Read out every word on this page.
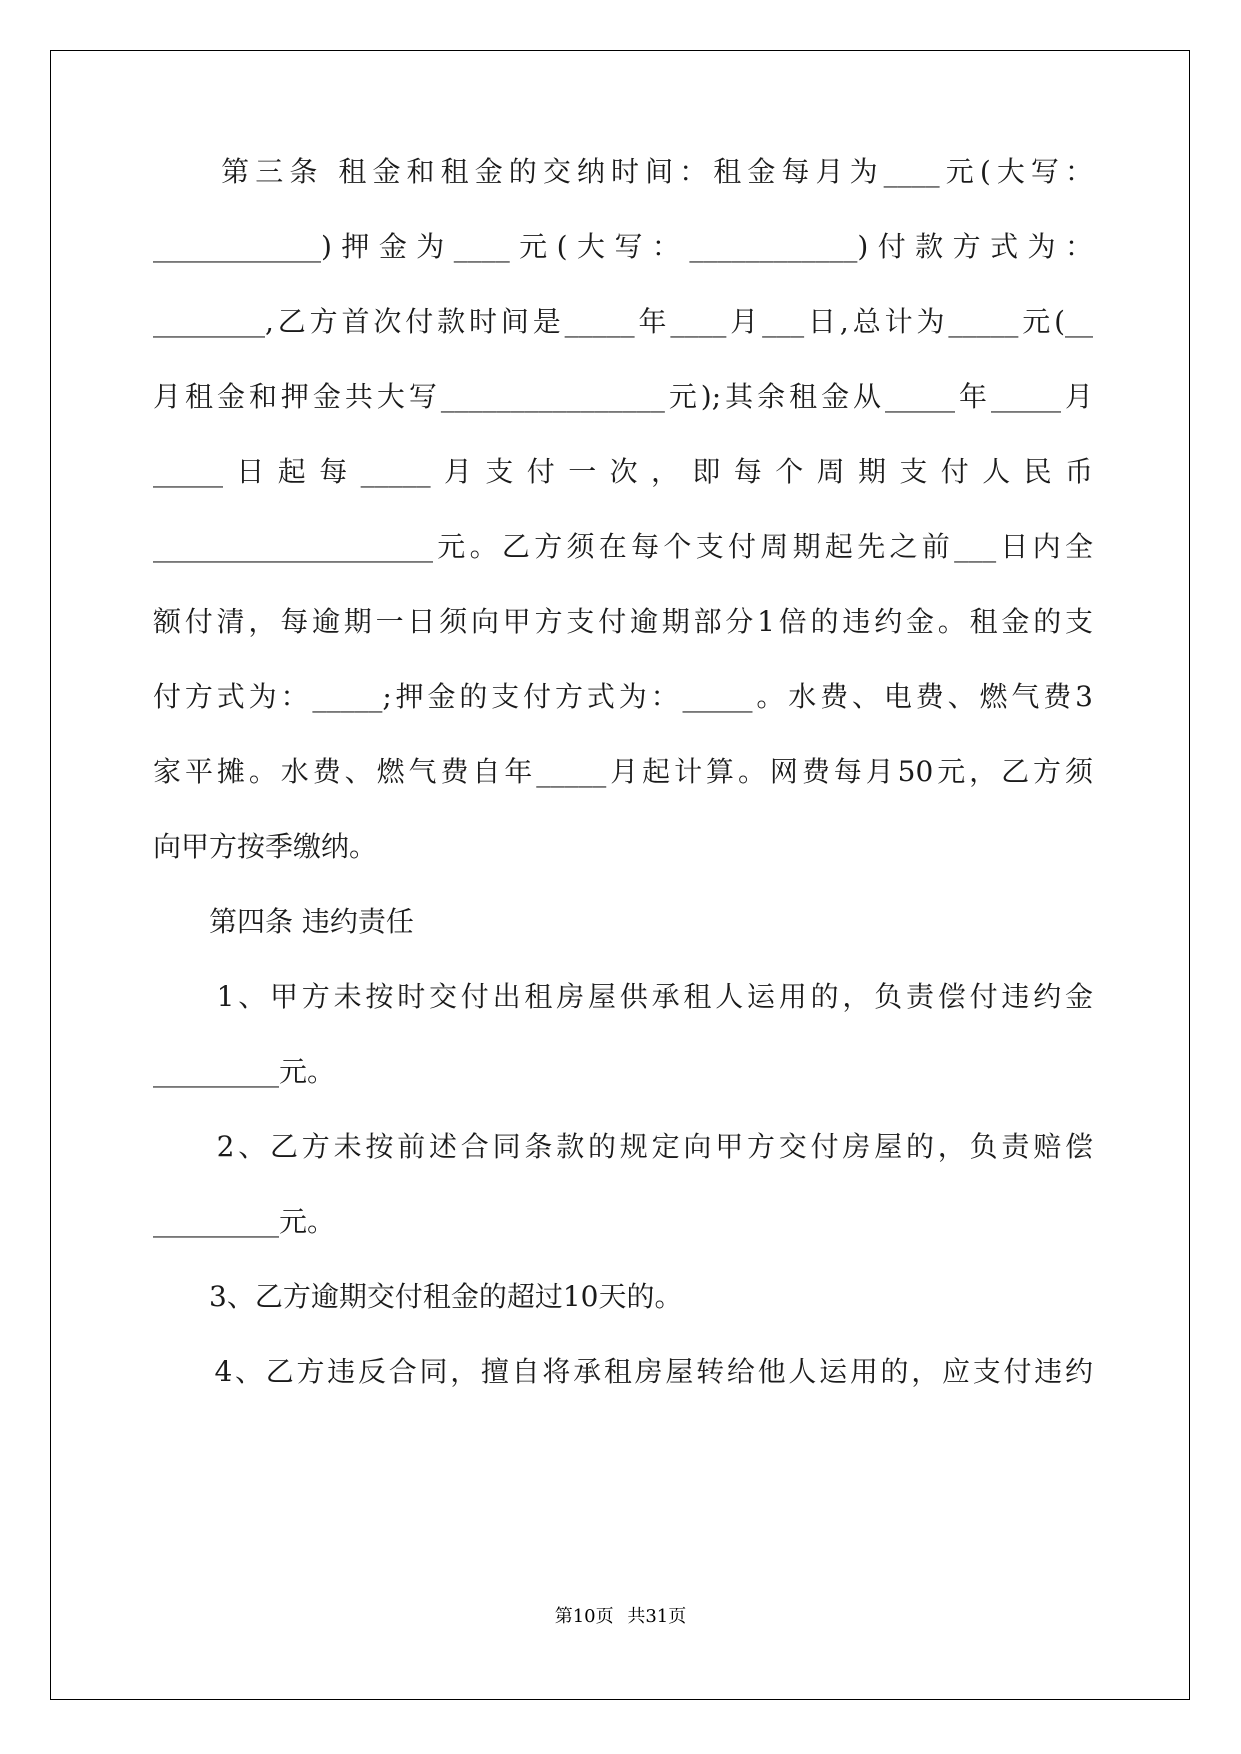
　　第三条 租金和租金的交纳时间：租金每月为____元(大写：

____________)押金为____元(大写：____________)付款方式为：

________,乙方首次付款时间是_____年____月___日,总计为_____元(__

月租金和押金共大写________________元);其余租金从_____年_____月

_____日起每_____月支付一次，即每个周期支付人民币

____________________元。乙方须在每个支付周期起先之前___日内全

额付清，每逾期一日须向甲方支付逾期部分1倍的违约金。租金的支

付方式为：_____;押金的支付方式为：_____。水费、电费、燃气费3

家平摊。水费、燃气费自年_____月起计算。网费每月50元，乙方须

向甲方按季缴纳。

　　第四条 违约责任

　　1、甲方未按时交付出租房屋供承租人运用的，负责偿付违约金

_________元。

　　2、乙方未按前述合同条款的规定向甲方交付房屋的，负责赔偿

_________元。

　　3、乙方逾期交付租金的超过10天的。

　　4、乙方违反合同，擅自将承租房屋转给他人运用的，应支付违约

第10页 共31页
